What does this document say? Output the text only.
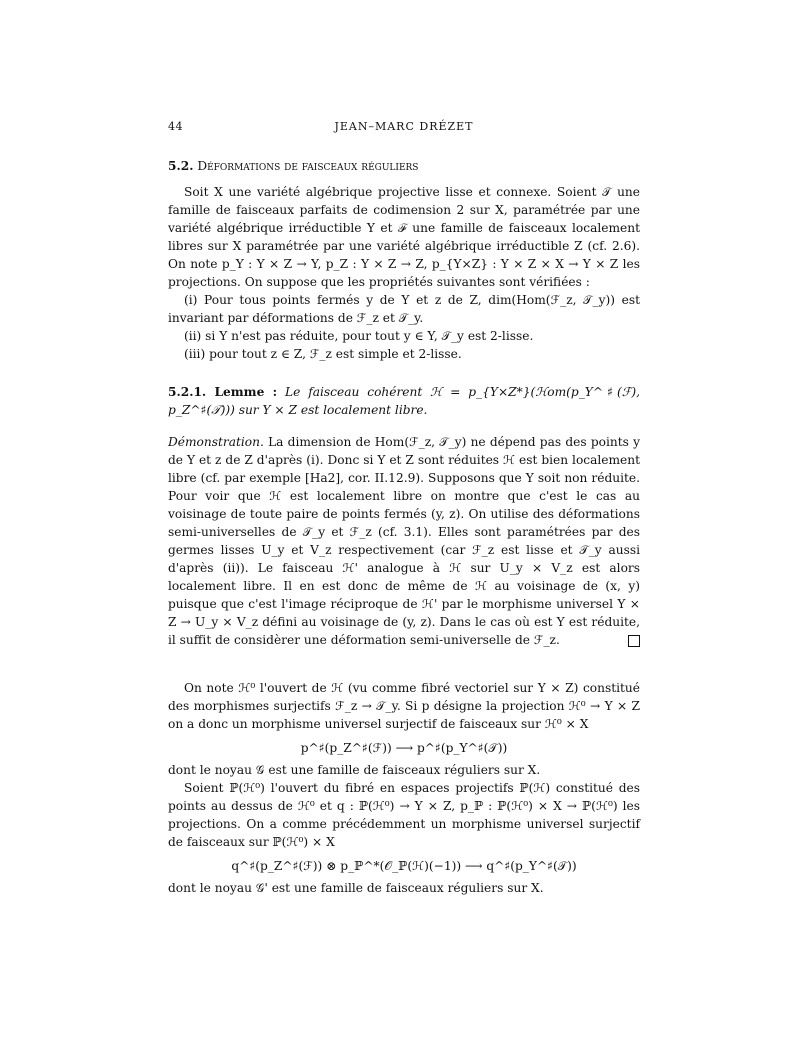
44	JEAN–MARC DRÉZET
5.2. Déformations de faisceaux réguliers

Soit X une variété algébrique projective lisse et connexe. Soient 𝒯 une famille de faisceaux parfaits de codimension 2 sur X, paramétrée par une variété algébrique irréductible Y et ℱ une famille de faisceaux localement libres sur X paramétrée par une variété algébrique irréductible Z (cf. 2.6). On note p_Y : Y × Z → Y, p_Z : Y × Z → Z, p_{Y×Z} : Y × Z × X → Y × Z les projections. On suppose que les propriétés suivantes sont vérifiées :

(i) Pour tous points fermés y de Y et z de Z, dim(Hom(ℱ_z, 𝒯_y)) est invariant par déformations de ℱ_z et 𝒯_y.

(ii) si Y n'est pas réduite, pour tout y ∈ Y, 𝒯_y est 2-lisse.

(iii) pour tout z ∈ Z, ℱ_z est simple et 2-lisse.

5.2.1. Lemme : Le faisceau cohérent ℋ = p_{Y×Z*}(ℋom(p_Y^♯(ℱ), p_Z^♯(𝒯))) sur Y × Z est localement libre.

Démonstration. La dimension de Hom(ℱ_z, 𝒯_y) ne dépend pas des points y de Y et z de Z d'après (i). Donc si Y et Z sont réduites ℋ est bien localement libre (cf. par exemple [Ha2], cor. II.12.9). Supposons que Y soit non réduite. Pour voir que ℋ est localement libre on montre que c'est le cas au voisinage de toute paire de points fermés (y, z). On utilise des déformations semi-universelles de 𝒯_y et ℱ_z (cf. 3.1). Elles sont paramétrées par des germes lisses U_y et V_z respectivement (car ℱ_z est lisse et 𝒯_y aussi d'après (ii)). Le faisceau ℋ' analogue à ℋ sur U_y × V_z est alors localement libre. Il en est donc de même de ℋ au voisinage de (x, y) puisque que c'est l'image réciproque de ℋ' par le morphisme universel Y × Z → U_y × V_z défini au voisinage de (y, z). Dans le cas où est Y est réduite, il suffit de considèrer une déformation semi-universelle de ℱ_z.

On note ℋ⁰ l'ouvert de ℋ (vu comme fibré vectoriel sur Y × Z) constitué des morphismes surjectifs ℱ_z → 𝒯_y. Si p désigne la projection ℋ⁰ → Y × Z on a donc un morphisme universel surjectif de faisceaux sur ℋ⁰ × X

p^♯(p_Z^♯(ℱ)) ⟶ p^♯(p_Y^♯(𝒯))

dont le noyau 𝒢 est une famille de faisceaux réguliers sur X.

Soient ℙ(ℋ⁰) l'ouvert du fibré en espaces projectifs ℙ(ℋ) constitué des points au dessus de ℋ⁰ et q : ℙ(ℋ⁰) → Y × Z, p_ℙ : ℙ(ℋ⁰) × X → ℙ(ℋ⁰) les projections. On a comme précédemment un morphisme universel surjectif de faisceaux sur ℙ(ℋ⁰) × X

q^♯(p_Z^♯(ℱ)) ⊗ p_ℙ^*(𝒪_ℙ(ℋ)(−1)) ⟶ q^♯(p_Y^♯(𝒯))

dont le noyau 𝒢' est une famille de faisceaux réguliers sur X.
